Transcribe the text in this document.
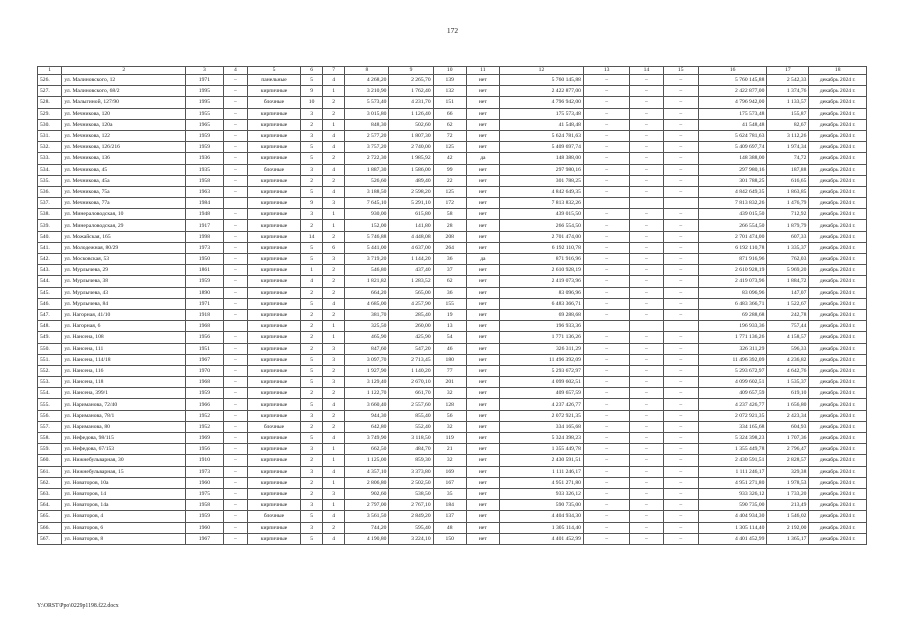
172
1	2	3	4	5	6	7	8	9	10	11	12	13	14	15	16	17	18
526.	ул. Малиновского, 12	1971	–	панельные	5	4	4 268,20	2 265,70	139	нет	5 760 145,88	–	–	–	5 760 145,88	2 542,33	декабрь 2024 г.
527.	ул. Малиновского, 68/2	1995	–	кирпичные	9	1	3 210,90	1 762,40	132	нет	2 422 877,00	–	–	–	2 422 877,00	1 374,76	декабрь 2024 г.
528.	ул. Малыгиной, 127/90	1995	–	блочные	10	2	5 573,40	4 231,70	151	нет	4 796 942,00	–	–	–	4 796 942,00	1 133,57	декабрь 2024 г.
529.	ул. Мечникова, 120	1955	–	кирпичные	3	2	3 015,80	1 126,40	66	нет	175 573,48	–	–	–	175 573,48	155,87	декабрь 2024 г.
530.	ул. Мечникова, 120а	1965	–	кирпичные	2	1	848,30	502,60	62	нет	41 548,48	–	–	–	41 548,48	82,67	декабрь 2024 г.
531.	ул. Мечникова, 122	1959	–	кирпичные	3	4	2 577,20	1 807,30	72	нет	5 624 781,63	–	–	–	5 624 781,63	3 112,26	декабрь 2024 г.
532.	ул. Мечникова, 126/216	1959	–	кирпичные	5	4	3 757,20	2 740,00	125	нет	5 409 697,74	–	–	–	5 409 697,74	1 974,34	декабрь 2024 г.
533.	ул. Мечникова, 136	1936	–	кирпичные	5	2	2 722,30	1 985,92	42	да	148 388,00	–	–	–	148 388,00	74,72	декабрь 2024 г.
534.	ул. Мечникова, 45	1935	–	блочные	3	4	1 887,30	1 586,00	99	нет	297 980,16	–	–	–	297 980,16	187,88	декабрь 2024 г.
535.	ул. Мечникова, 45а	1958	–	кирпичные	2	2	526,60	489,40	22	нет	301 788,25	–	–	–	301 788,25	616,65	декабрь 2024 г.
536.	ул. Мечникова, 75а	1963	–	кирпичные	5	4	3 188,50	2 598,20	125	нет	4 842 649,35	–	–	–	4 842 649,35	1 863,85	декабрь 2024 г.
537.	ул. Мечникова, 77а	1984		кирпичные	9	3	7 645,10	5 291,10	172	нет	7 813 832,26				7 813 832,26	1 476,79	декабрь 2024 г.
538.	ул. Минераловодская, 10	1948	–	кирпичные	3	1	930,00	615,80	58	нет	439 015,50	–	–	–	439 015,50	712,92	декабрь 2024 г.
539.	ул. Минераловодская, 29	1917	–	кирпичные	2	1	152,00	141,80	28	нет	266 554,50	–	–	–	266 554,50	1 879,79	декабрь 2024 г.
540.	ул. Можайская, 165	1998	–	кирпичные	14	2	5 746,88	4 448,08	208	нет	2 701 474,00	–	–	–	2 701 474,00	607,33	декабрь 2024 г.
541.	ул. Молодежная, 80/29	1973	–	кирпичные	5	6	5 441,00	4 637,00	264	нет	6 192 110,78	–	–	–	6 192 110,78	1 335,37	декабрь 2024 г.
542.	ул. Московская, 53	1950	–	кирпичные	5	3	3 719,20	1 144,20	36	да	871 916,96	–	–	–	871 916,96	762,03	декабрь 2024 г.
543.	ул. Мурлычева, 29	1861	–	кирпичные	1	2	546,80	437,40	37	нет	2 610 928,19	–	–	–	2 610 928,19	5 969,20	декабрь 2024 г.
544.	ул. Мурлычева, 38	1959	–	кирпичные	4	2	1 821,82	1 283,52	62	нет	2 419 073,96	–	–	–	2 419 073,96	1 884,72	декабрь 2024 г.
545.	ул. Мурлычева, 43	1890	–	кирпичные	2	2	664,20	565,00	36	нет	83 096,96	–	–	–	83 096,96	147,07	декабрь 2024 г.
546.	ул. Мурлычева, 84	1971	–	кирпичные	5	4	4 685,00	4 257,90	155	нет	6 483 366,71	–	–	–	6 483 366,71	1 522,67	декабрь 2024 г.
547.	ул. Нагорная, 41/10	1918	–	кирпичные	2	2	381,70	285,40	19	нет	69 288,68	–	–	–	69 288,68	242,78	декабрь 2024 г.
548.	ул. Нагорная, 6	1968		кирпичные	2	1	325,50	260,00	13	нет	196 933,36				196 933,36	757,44	декабрь 2024 г.
549.	ул. Нансена, 108	1956	–	кирпичные	2	1	465,90	425,90	54	нет	1 771 136,26	–	–	–	1 771 136,26	4 158,57	декабрь 2024 г.
550.	ул. Нансена, 111	1951	–	кирпичные	2	3	847,60	547,20	46	нет	326 311,29	–	–	–	326 311,29	596,33	декабрь 2024 г.
551.	ул. Нансена, 114/18	1967	–	кирпичные	5	3	3 097,70	2 713,45	180	нет	11 496 392,09	–	–	–	11 496 392,09	4 236,82	декабрь 2024 г.
552.	ул. Нансена, 116	1970	–	кирпичные	5	2	1 927,90	1 140,20	77	нет	5 293 672,97	–	–	–	5 293 672,97	4 642,76	декабрь 2024 г.
553.	ул. Нансена, 118	1968	–	кирпичные	5	3	3 129,40	2 670,10	201	нет	4 099 602,51	–	–	–	4 099 602,51	1 535,37	декабрь 2024 г.
554.	ул. Нансена, 399/1	1959	–	кирпичные	2	2	1 122,70	661,70	32	нет	409 657,59	–	–	–	409 657,59	619,10	декабрь 2024 г.
555.	ул. Нариманова, 72/40	1966	–	кирпичные	5	4	3 660,40	2 557,60	128	нет	4 237 426,77	–	–	–	4 237 426,77	1 656,80	декабрь 2024 г.
556.	ул. Нариманова, 78/1	1952	–	кирпичные	3	2	944,30	855,40	56	нет	2 072 921,35	–	–	–	2 072 921,35	2 423,34	декабрь 2024 г.
557.	ул. Нариманова, 80	1952	–	блочные	2	2	642,80	552,40	32	нет	334 165,68	–	–	–	334 165,68	604,93	декабрь 2024 г.
558.	ул. Нефедова, 98/115	1969	–	кирпичные	5	4	3 749,90	3 118,50	119	нет	5 324 398,23	–	–	–	5 324 398,23	1 707,36	декабрь 2024 г.
559.	ул. Нефедова, 67/153	1956	–	кирпичные	3	1	662,50	484,70	21	нет	1 355 449,78	–	–	–	1 355 449,78	2 796,47	декабрь 2024 г.
560.	ул. Нижнебульварная, 30	1910	–	кирпичные	2	1	1 125,00	859,30	32	нет	2 430 591,51	–	–	–	2 430 591,51	2 828,57	декабрь 2024 г.
561.	ул. Нижнебульварная, 15	1973	–	кирпичные	3	4	4 357,10	3 373,80	169	нет	1 111 246,17	–	–	–	1 111 246,17	329,38	декабрь 2024 г.
562.	ул. Новаторов, 10а	1960	–	кирпичные	2	1	2 806,80	2 502,50	167	нет	4 951 271,80	–	–	–	4 951 271,80	1 978,53	декабрь 2024 г.
563.	ул. Новаторов, 14	1975	–	кирпичные	2	3	902,60	538,50	35	нет	933 326,12	–	–	–	933 326,12	1 733,20	декабрь 2024 г.
564.	ул. Новаторов, 14а	1958	–	кирпичные	3	1	2 797,00	2 767,10	184	нет	590 735,00	–	–	–	590 735,00	213,49	декабрь 2024 г.
565.	ул. Новаторов, 4	1959	–	блочные	5	4	3 561,50	2 849,20	137	нет	4 404 934,30	–	–	–	4 404 934,30	1 546,02	декабрь 2024 г.
566.	ул. Новаторов, 6	1960	–	кирпичные	3	2	744,20	595,40	48	нет	1 305 114,40	–	–	–	1 305 114,40	2 192,00	декабрь 2024 г.
567.	ул. Новаторов, 8	1967	–	кирпичные	5	4	4 190,80	3 224,10	150	нет	4 401 452,99	–	–	–	4 401 452,99	1 365,17	декабрь 2024 г.
Y:\ORST\Ppo\0229p1198.f22.docx
